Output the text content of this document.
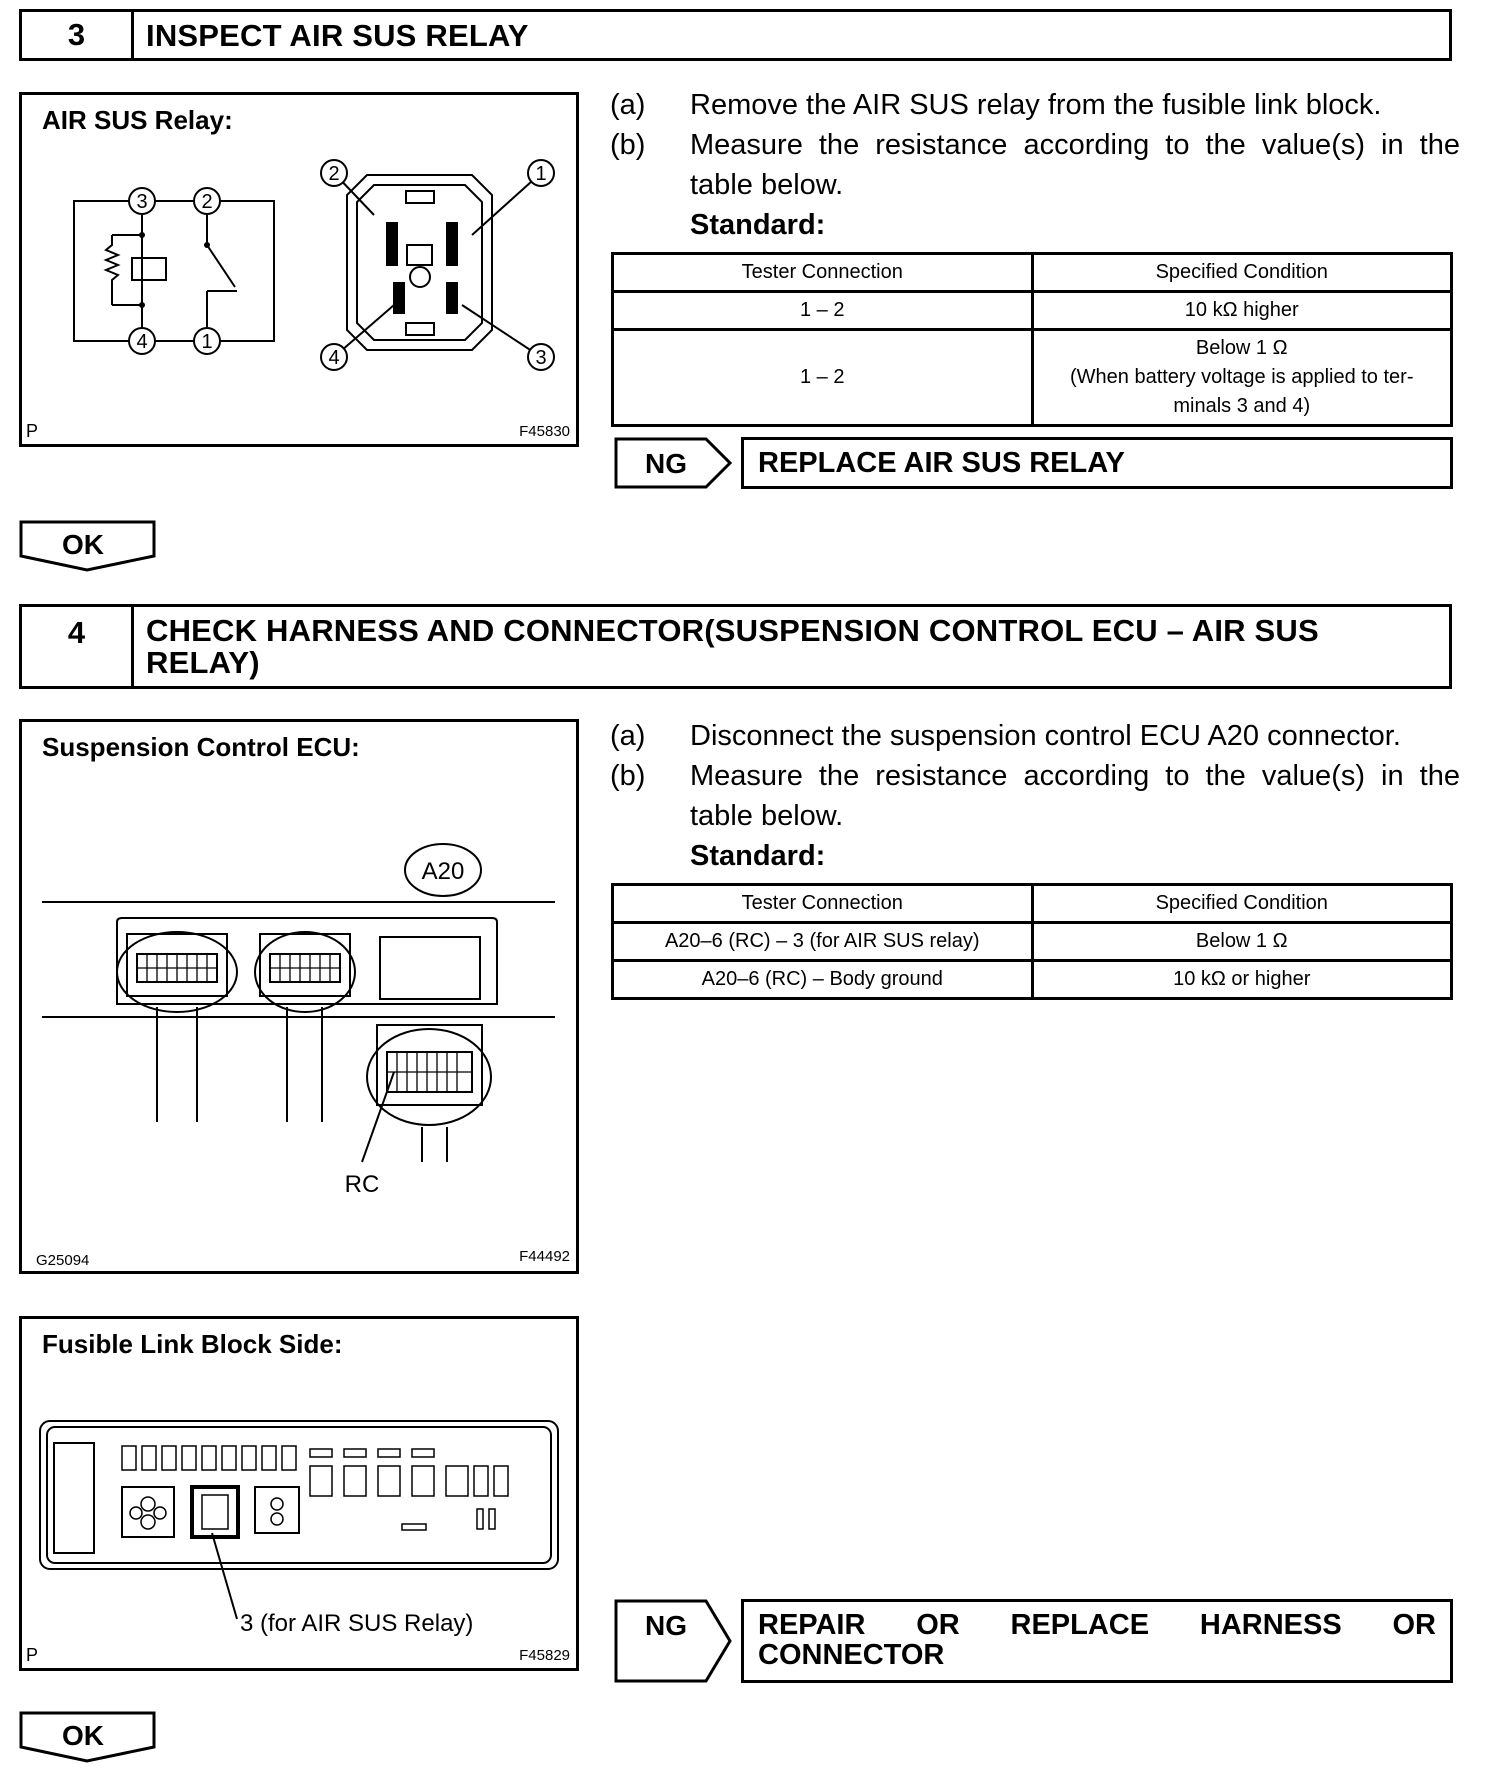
3	INSPECT AIR SUS RELAY
AIR SUS Relay:
3	2
4	1
2	1
4	3
P	F45830
(a)	Remove the AIR SUS relay from the fusible link block.
(b)	Measure the resistance according to the value(s) in the table below.
Standard:
Tester Connection	Specified Condition
1 – 2	10 kΩ higher
1 – 2	Below 1 Ω
(When battery voltage is applied to ter- minals 3 and 4)
NG	REPLACE AIR SUS RELAY
OK
4	CHECK HARNESS AND CONNECTOR(SUSPENSION CONTROL ECU – AIR SUS RELAY)
Suspension Control ECU:
A20
RC
G25094	F44492
Fusible Link Block Side:
3 (for AIR SUS Relay)
P	F45829
(a)	Disconnect the suspension control ECU A20 connector.
(b)	Measure the resistance according to the value(s) in the table below.
Standard:
Tester Connection	Specified Condition
A20–6 (RC) – 3 (for AIR SUS relay)	Below 1 Ω
A20–6 (RC) – Body ground	10 kΩ or higher
NG	REPAIR OR REPLACE HARNESS OR CONNECTOR
OK
